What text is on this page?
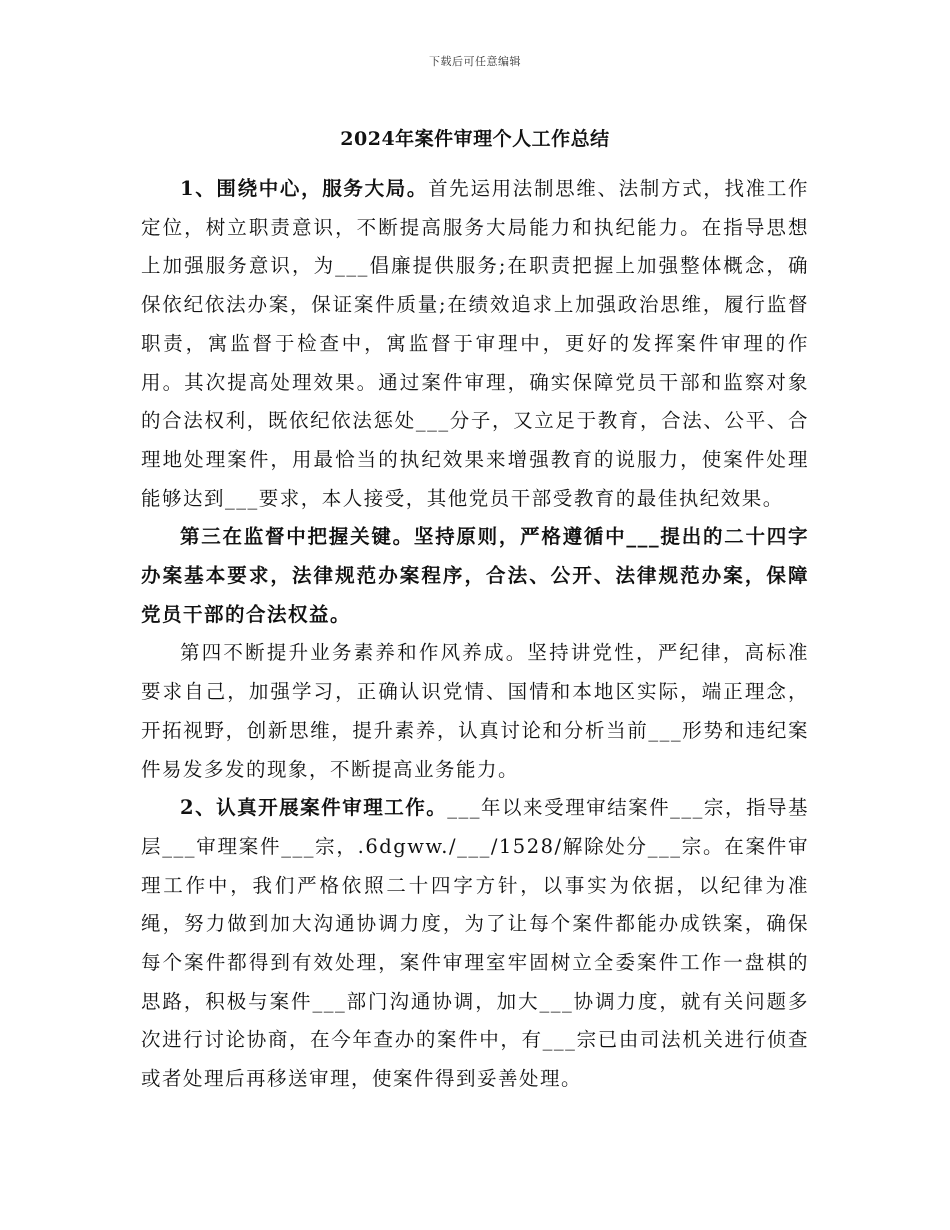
下载后可任意编辑
2024年案件审理个人工作总结

1、围绕中心，服务大局。首先运用法制思维、法制方式，找准工作定位，树立职责意识，不断提高服务大局能力和执纪能力。在指导思想上加强服务意识，为___倡廉提供服务;在职责把握上加强整体概念，确保依纪依法办案，保证案件质量;在绩效追求上加强政治思维，履行监督职责，寓监督于检查中，寓监督于审理中，更好的发挥案件审理的作用。其次提高处理效果。通过案件审理，确实保障党员干部和监察对象的合法权利，既依纪依法惩处___分子，又立足于教育，合法、公平、合理地处理案件，用最恰当的执纪效果来增强教育的说服力，使案件处理能够达到___要求，本人接受，其他党员干部受教育的最佳执纪效果。

第三在监督中把握关键。坚持原则，严格遵循中___提出的二十四字办案基本要求，法律规范办案程序，合法、公开、法律规范办案，保障党员干部的合法权益。

第四不断提升业务素养和作风养成。坚持讲党性，严纪律，高标准要求自己，加强学习，正确认识党情、国情和本地区实际，端正理念，开拓视野，创新思维，提升素养，认真讨论和分析当前___形势和违纪案件易发多发的现象，不断提高业务能力。

2、认真开展案件审理工作。___年以来受理审结案件___宗，指导基层___审理案件___宗，.6dgww./___/1528/解除处分___宗。在案件审理工作中，我们严格依照二十四字方针，以事实为依据，以纪律为准绳，努力做到加大沟通协调力度，为了让每个案件都能办成铁案，确保每个案件都得到有效处理，案件审理室牢固树立全委案件工作一盘棋的思路，积极与案件___部门沟通协调，加大___协调力度，就有关问题多次进行讨论协商，在今年查办的案件中，有___宗已由司法机关进行侦查或者处理后再移送审理，使案件得到妥善处理。
